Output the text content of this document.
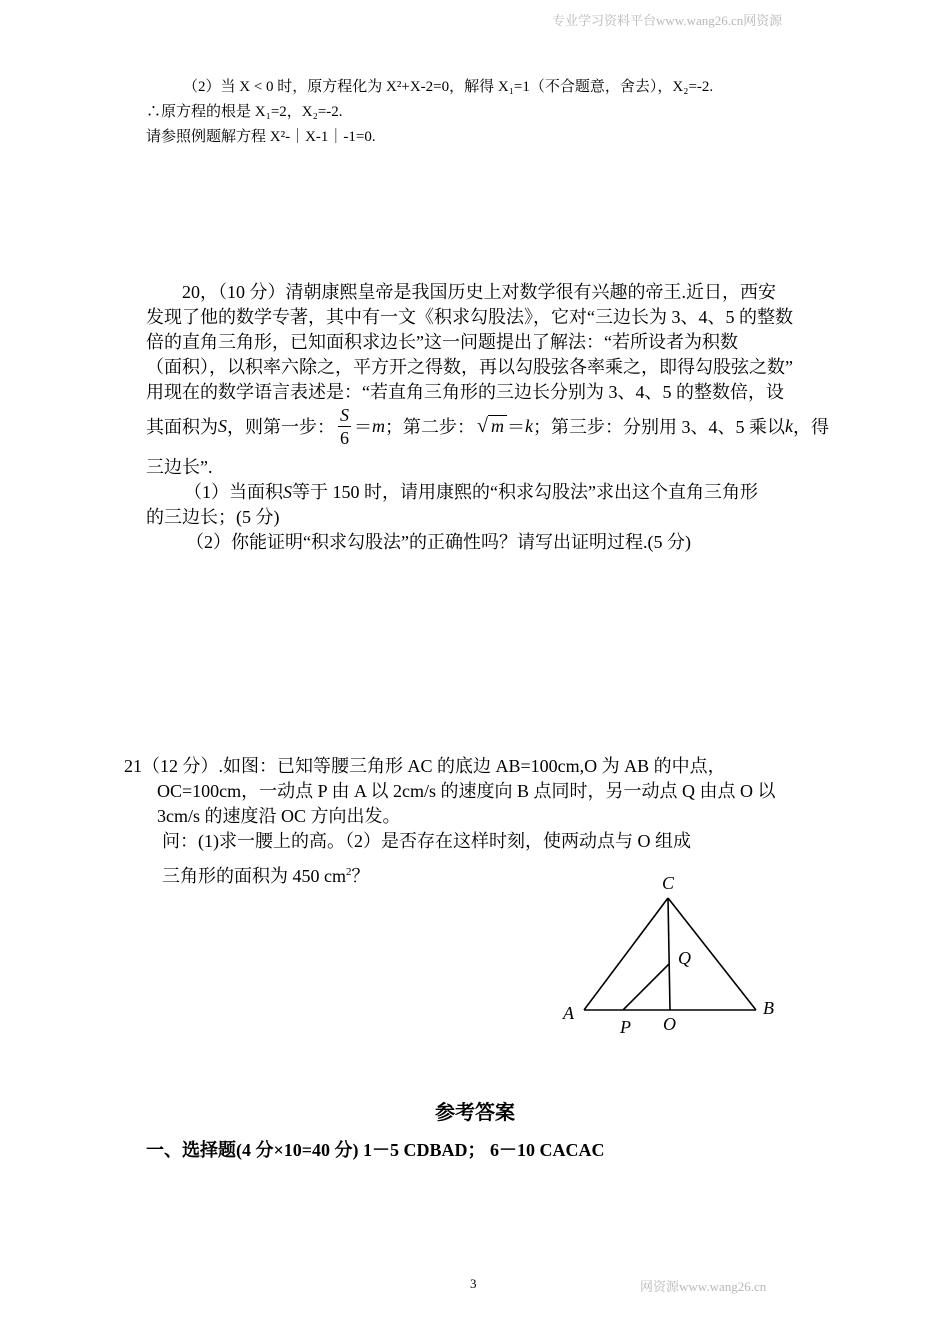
专业学习资料平台www.wang26.cn网资源
（2）当 X < 0 时，原方程化为 X²+X-2=0，解得 X₁=1（不合题意，舍去），X₂=-2.
∴原方程的根是 X₁=2，X₂=-2.
请参照例题解方程 X²-｜X-1｜-1=0.
20，（10 分）清朝康熙皇帝是我国历史上对数学很有兴趣的帝王.近日，西安
发现了他的数学专著，其中有一文《积求勾股法》，它对“三边长为 3、4、5 的整数
倍的直角三角形，已知面积求边长”这一问题提出了解法：“若所设者为积数
（面积），以积率六除之，平方开之得数，再以勾股弦各率乘之，即得勾股弦之数”
用现在的数学语言表述是：“若直角三角形的三边长分别为 3、4、5 的整数倍，设
其面积为 S ，则第一步： $\frac{S}{6} = m$ ；第二步： √ m ＝ k ；第三步：分别用 3、4、5 乘以 k ，得
三边长”.
（1）当面积S等于 150 时，请用康熙的“积求勾股法”求出这个直角三角形
的三边长；(5 分)
（2）你能证明“积求勾股法”的正确性吗？请写出证明过程.(5 分)
21（12 分）.如图：已知等腰三角形 AC 的底边 AB=100cm,O 为 AB 的中点，
OC=100cm，一动点 P 由 A 以 2cm/s 的速度向 B 点同时，另一动点 Q 由点 O 以
3cm/s 的速度沿 OC 方向出发。
问：(1)求一腰上的高。（2）是否存在这样时刻，使两动点与 O 组成
三角形的面积为 450 $cm^2$？	C
Q
A	B
P O
参考答案
一、选择题(4 分×10=40 分) 1－5 CDBAD； 6－10 CACAC
3	网资源www.wang26.cn
